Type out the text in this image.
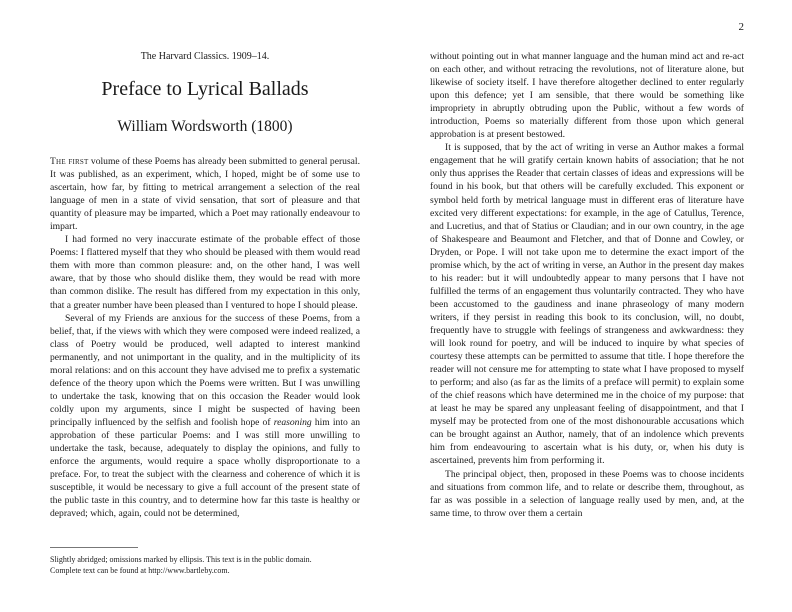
2

The Harvard Classics. 1909–14.

Preface to Lyrical Ballads
William Wordsworth (1800)

The first volume of these Poems has already been submitted to general perusal. It was published, as an experiment, which, I hoped, might be of some use to ascertain, how far, by fitting to metrical arrangement a selection of the real language of men in a state of vivid sensation, that sort of pleasure and that quantity of pleasure may be imparted, which a Poet may rationally endeavour to impart.

I had formed no very inaccurate estimate of the probable effect of those Poems: I flattered myself that they who should be pleased with them would read them with more than common pleasure: and, on the other hand, I was well aware, that by those who should dislike them, they would be read with more than common dislike. The result has differed from my expectation in this only, that a greater number have been pleased than I ventured to hope I should please.

Several of my Friends are anxious for the success of these Poems, from a belief, that, if the views with which they were composed were indeed realized, a class of Poetry would be produced, well adapted to interest mankind permanently, and not unimportant in the quality, and in the multiplicity of its moral relations: and on this account they have advised me to prefix a systematic defence of the theory upon which the Poems were written. But I was unwilling to undertake the task, knowing that on this occasion the Reader would look coldly upon my arguments, since I might be suspected of having been principally influenced by the selfish and foolish hope of reasoning him into an approbation of these particular Poems: and I was still more unwilling to undertake the task, because, adequately to display the opinions, and fully to enforce the arguments, would require a space wholly disproportionate to a preface. For, to treat the subject with the clearness and coherence of which it is susceptible, it would be necessary to give a full account of the present state of the public taste in this country, and to determine how far this taste is healthy or depraved; which, again, could not be determined,

Slightly abridged; omissions marked by ellipsis. This text is in the public domain.
Complete text can be found at http://www.bartleby.com.

without pointing out in what manner language and the human mind act and re-act on each other, and without retracing the revolutions, not of literature alone, but likewise of society itself. I have therefore altogether declined to enter regularly upon this defence; yet I am sensible, that there would be something like impropriety in abruptly obtruding upon the Public, without a few words of introduction, Poems so materially different from those upon which general approbation is at present bestowed.

It is supposed, that by the act of writing in verse an Author makes a formal engagement that he will gratify certain known habits of association; that he not only thus apprises the Reader that certain classes of ideas and expressions will be found in his book, but that others will be carefully excluded. This exponent or symbol held forth by metrical language must in different eras of literature have excited very different expectations: for example, in the age of Catullus, Terence, and Lucretius, and that of Statius or Claudian; and in our own country, in the age of Shakespeare and Beaumont and Fletcher, and that of Donne and Cowley, or Dryden, or Pope. I will not take upon me to determine the exact import of the promise which, by the act of writing in verse, an Author in the present day makes to his reader: but it will undoubtedly appear to many persons that I have not fulfilled the terms of an engagement thus voluntarily contracted. They who have been accustomed to the gaudiness and inane phraseology of many modern writers, if they persist in reading this book to its conclusion, will, no doubt, frequently have to struggle with feelings of strangeness and awkwardness: they will look round for poetry, and will be induced to inquire by what species of courtesy these attempts can be permitted to assume that title. I hope therefore the reader will not censure me for attempting to state what I have proposed to myself to perform; and also (as far as the limits of a preface will permit) to explain some of the chief reasons which have determined me in the choice of my purpose: that at least he may be spared any unpleasant feeling of disappointment, and that I myself may be protected from one of the most dishonourable accusations which can be brought against an Author, namely, that of an indolence which prevents him from endeavouring to ascertain what is his duty, or, when his duty is ascertained, prevents him from performing it.

The principal object, then, proposed in these Poems was to choose incidents and situations from common life, and to relate or describe them, throughout, as far as was possible in a selection of language really used by men, and, at the same time, to throw over them a certain
